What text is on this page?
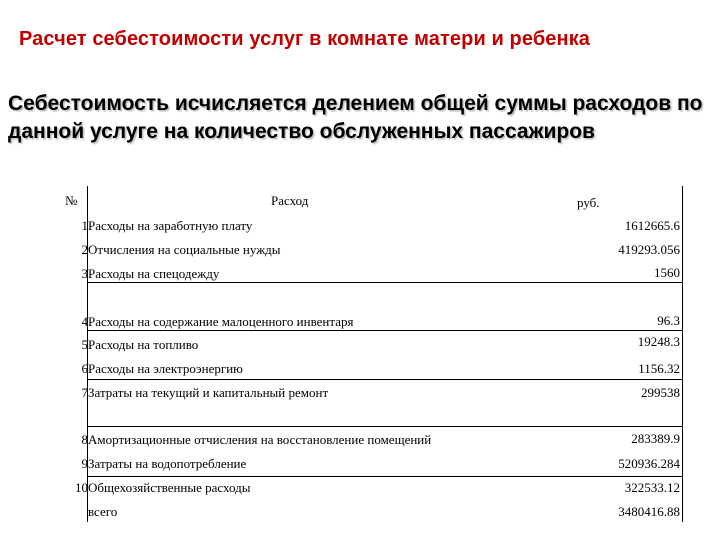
Расчет себестоимости услуг в комнате матери и ребенка
Себестоимость исчисляется делением общей суммы расходов по данной услуге на количество обслуженных пассажиров
№	Расход	руб.
1 Расходы на заработную плату	1612665.6
2 Отчисления на социальные нужды	419293.056
3 Расходы на спецодежду	1560
4 Расходы на содержание малоценного инвентаря	96.3
5 Расходы на топливо	19248.3
6 Расходы на электроэнергию	1156.32
7 Затраты на текущий и капитальный ремонт	299538
8 Амортизационные отчисления на восстановление помещений	283389.9
9 Затраты на водопотребление	520936.284
10 Общехозяйственные расходы	322533.12
всего	3480416.88
